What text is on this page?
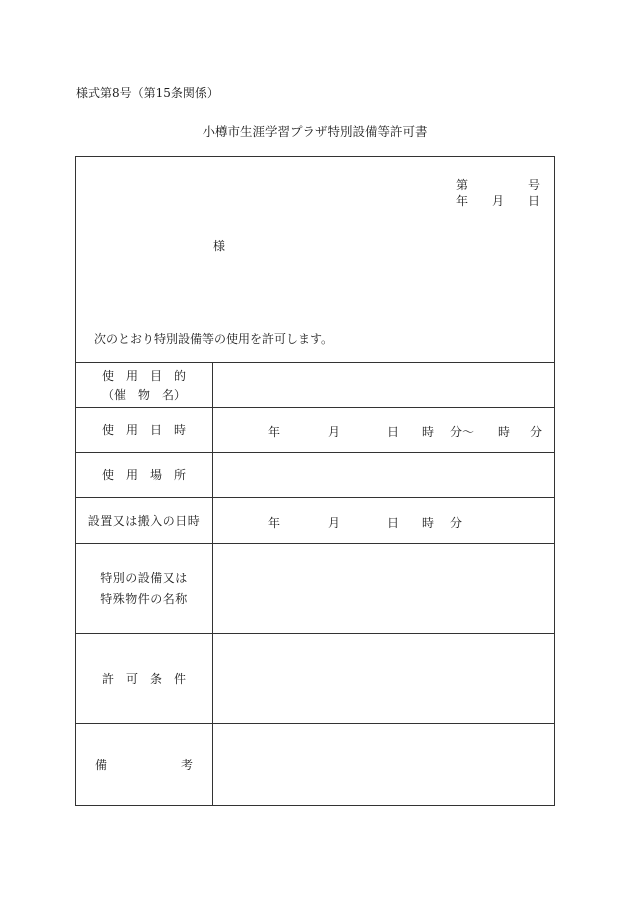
様式第8号（第15条関係）
小樽市生涯学習プラザ特別設備等許可書
第	号
年 月 日
様
次のとおり特別設備等の使用を許可します。
使　用　目　的
（催　物　名）
使　用　日　時	年	月	日 時 分〜 時 分
使　用　場　所
設置又は搬入の日時	年	月	日 時 分
特別の設備又は
特殊物件の名称
許　可　条　件
備	考
